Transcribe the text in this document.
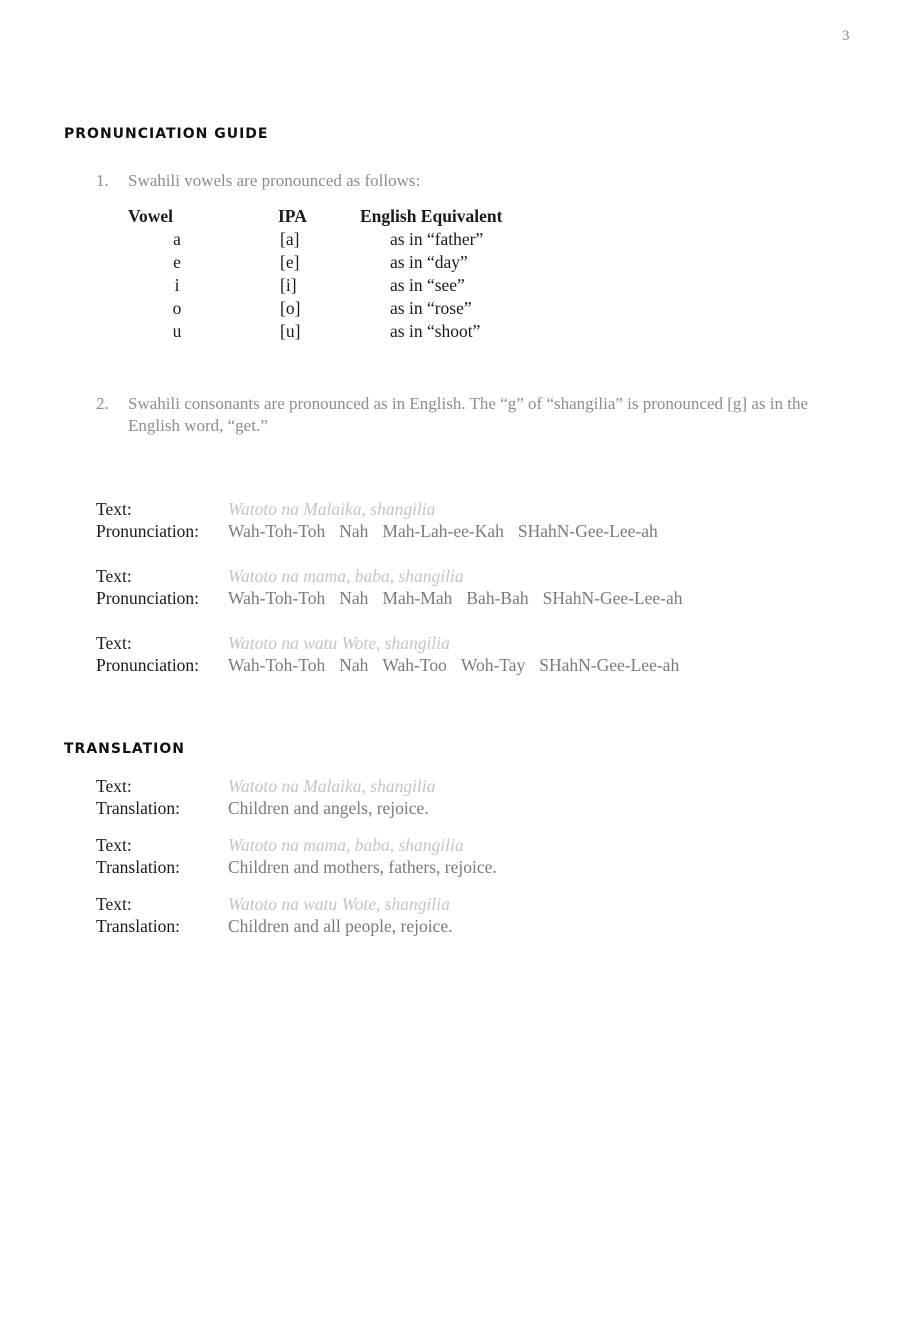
3
PRONUNCIATION GUIDE
1. Swahili vowels are pronounced as follows:
Vowel	IPA	English Equivalent
a	[a]	as in “father”
e	[e]	as in “day”
i	[i]	as in “see”
o	[o]	as in “rose”
u	[u]	as in “shoot”
2. Swahili consonants are pronounced as in English. The “g” of “shangilia” is pronounced [g] as in the English word, “get.”
Text:	Watoto na Malaika, shangilia
Pronunciation: Wah-Toh-Toh Nah Mah-Lah-ee-Kah SHahN-Gee-Lee-ah
Text:	Watoto na mama, baba, shangilia
Pronunciation: Wah-Toh-Toh Nah Mah-Mah Bah-Bah SHahN-Gee-Lee-ah
Text:	Watoto na watu Wote, shangilia
Pronunciation: Wah-Toh-Toh Nah Wah-Too Woh-Tay SHahN-Gee-Lee-ah
TRANSLATION
Text:	Watoto na Malaika, shangilia
Translation:	Children and angels, rejoice.
Text:	Watoto na mama, baba, shangilia
Translation:	Children and mothers, fathers, rejoice.
Text:	Watoto na watu Wote, shangilia
Translation:	Children and all people, rejoice.
